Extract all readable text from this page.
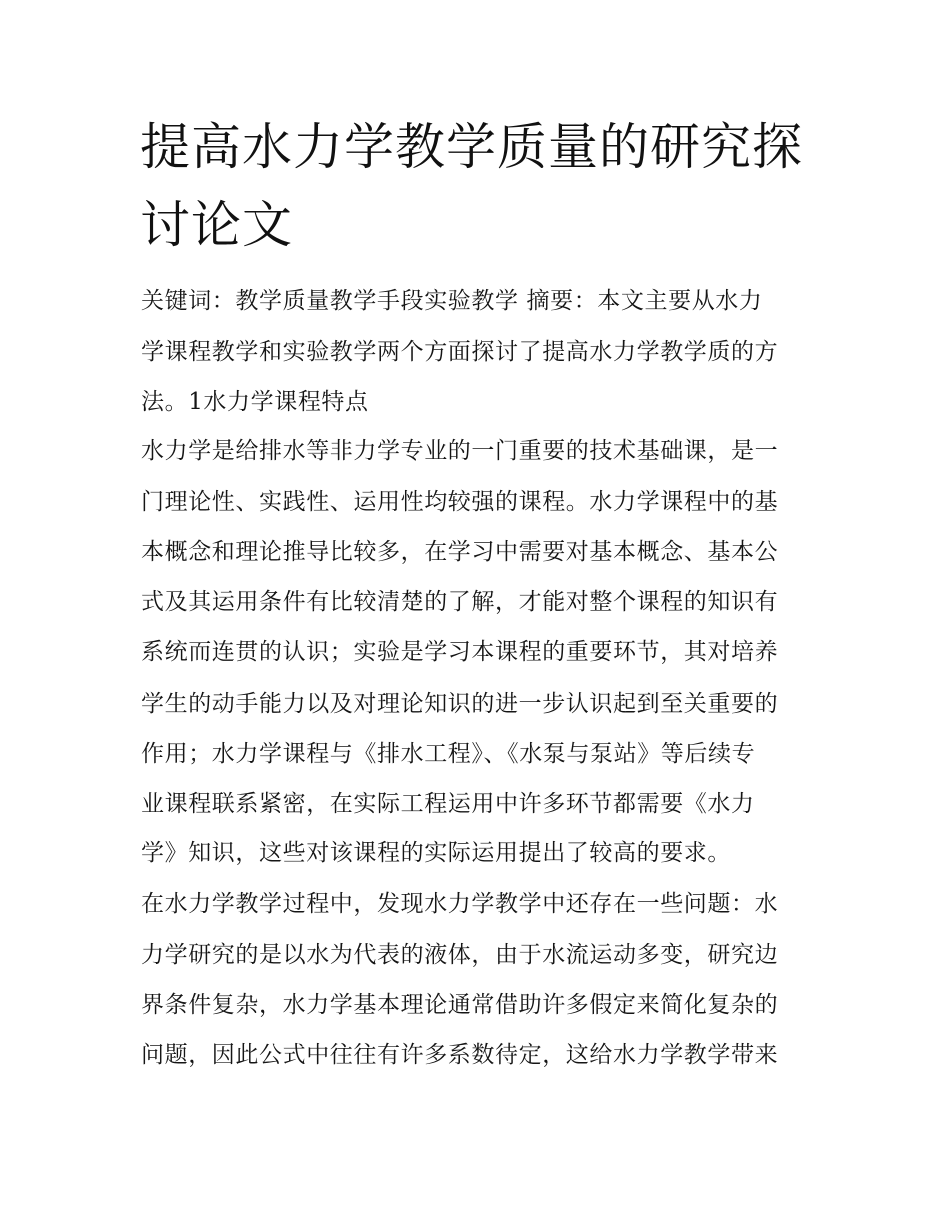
提高水力学教学质量的研究探
讨论文
关键词：教学质量教学手段实验教学 摘要：本文主要从水力
学课程教学和实验教学两个方面探讨了提高水力学教学质的方
法。1水力学课程特点
水力学是给排水等非力学专业的一门重要的技术基础课，是一
门理论性、实践性、运用性均较强的课程。水力学课程中的基
本概念和理论推导比较多，在学习中需要对基本概念、基本公
式及其运用条件有比较清楚的了解，才能对整个课程的知识有
系统而连贯的认识；实验是学习本课程的重要环节，其对培养
学生的动手能力以及对理论知识的进一步认识起到至关重要的
作用；水力学课程与《排水工程》、《水泵与泵站》等后续专
业课程联系紧密，在实际工程运用中许多环节都需要《水力
学》知识，这些对该课程的实际运用提出了较高的要求。
在水力学教学过程中，发现水力学教学中还存在一些问题：水
力学研究的是以水为代表的液体，由于水流运动多变，研究边
界条件复杂，水力学基本理论通常借助许多假定来简化复杂的
问题，因此公式中往往有许多系数待定，这给水力学教学带来
